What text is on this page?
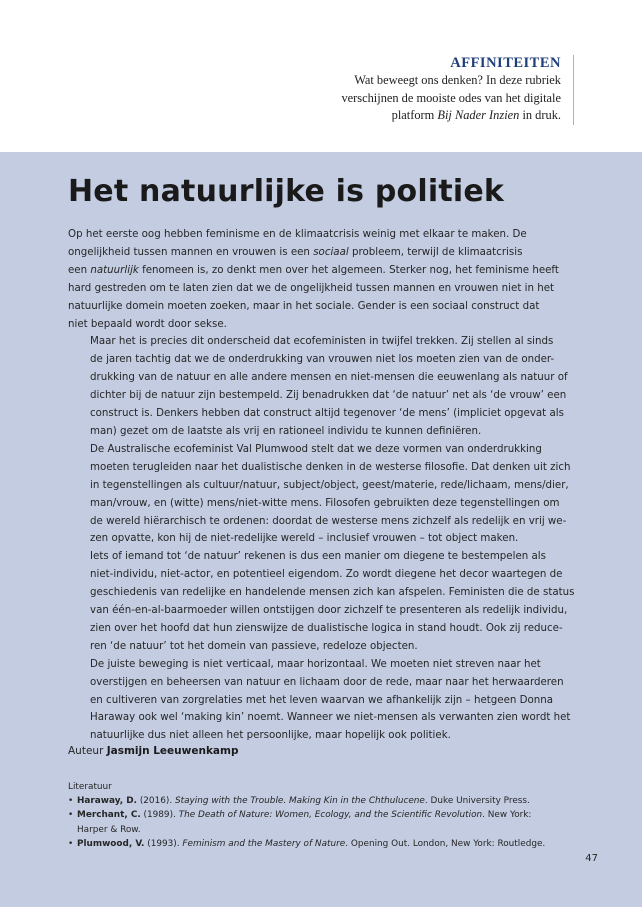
AFFINITEITEN
Wat beweegt ons denken? In deze rubriek
verschijnen de mooiste odes van het digitale
platform Bij Nader Inzien in druk.
Het natuurlijke is politiek

Op het eerste oog hebben feminisme en de klimaatcrisis weinig met elkaar te maken. De
ongelijkheid tussen mannen en vrouwen is een sociaal probleem, terwijl de klimaatcrisis
een natuurlijk fenomeen is, zo denkt men over het algemeen. Sterker nog, het feminisme heeft
hard gestreden om te laten zien dat we de ongelijkheid tussen mannen en vrouwen niet in het
natuurlijke domein moeten zoeken, maar in het sociale. Gender is een sociaal construct dat
niet bepaald wordt door sekse.

Maar het is precies dit onderscheid dat ecofeministen in twijfel trekken. Zij stellen al sinds
de jaren tachtig dat we de onderdrukking van vrouwen niet los moeten zien van de onder-
drukking van de natuur en alle andere mensen en niet-mensen die eeuwenlang als natuur of
dichter bij de natuur zijn bestempeld. Zij benadrukken dat ‘de natuur’ net als ‘de vrouw’ een
construct is. Denkers hebben dat construct altijd tegenover ‘de mens’ (impliciet opgevat als
man) gezet om de laatste als vrij en rationeel individu te kunnen definiëren.

De Australische ecofeminist Val Plumwood stelt dat we deze vormen van onderdrukking
moeten terugleiden naar het dualistische denken in de westerse filosofie. Dat denken uit zich
in tegenstellingen als cultuur/natuur, subject/object, geest/materie, rede/lichaam, mens/dier,
man/vrouw, en (witte) mens/niet-witte mens. Filosofen gebruikten deze tegenstellingen om
de wereld hiërarchisch te ordenen: doordat de westerse mens zichzelf als redelijk en vrij we-
zen opvatte, kon hij de niet-redelijke wereld – inclusief vrouwen – tot object maken.

Iets of iemand tot ‘de natuur’ rekenen is dus een manier om diegene te bestempelen als
niet-individu, niet-actor, en potentieel eigendom. Zo wordt diegene het decor waartegen de
geschiedenis van redelijke en handelende mensen zich kan afspelen. Feministen die de status
van één-en-al-baarmoeder willen ontstijgen door zichzelf te presenteren als redelijk individu,
zien over het hoofd dat hun zienswijze de dualistische logica in stand houdt. Ook zij reduce-
ren ‘de natuur’ tot het domein van passieve, redeloze objecten.

De juiste beweging is niet verticaal, maar horizontaal. We moeten niet streven naar het
overstijgen en beheersen van natuur en lichaam door de rede, maar naar het herwaarderen
en cultiveren van zorgrelaties met het leven waarvan we afhankelijk zijn – hetgeen Donna
Haraway ook wel ‘making kin’ noemt. Wanneer we niet-mensen als verwanten zien wordt het
natuurlijke dus niet alleen het persoonlijke, maar hopelijk ook politiek.

Auteur Jasmijn Leeuwenkamp
Literatuur
• Haraway, D. (2016). Staying with the Trouble. Making Kin in the Chthulucene. Duke University Press.
• Merchant, C. (1989). The Death of Nature: Women, Ecology, and the Scientific Revolution. New York:
Harper & Row.
• Plumwood, V. (1993). Feminism and the Mastery of Nature. Opening Out. London, New York: Routledge.
47
